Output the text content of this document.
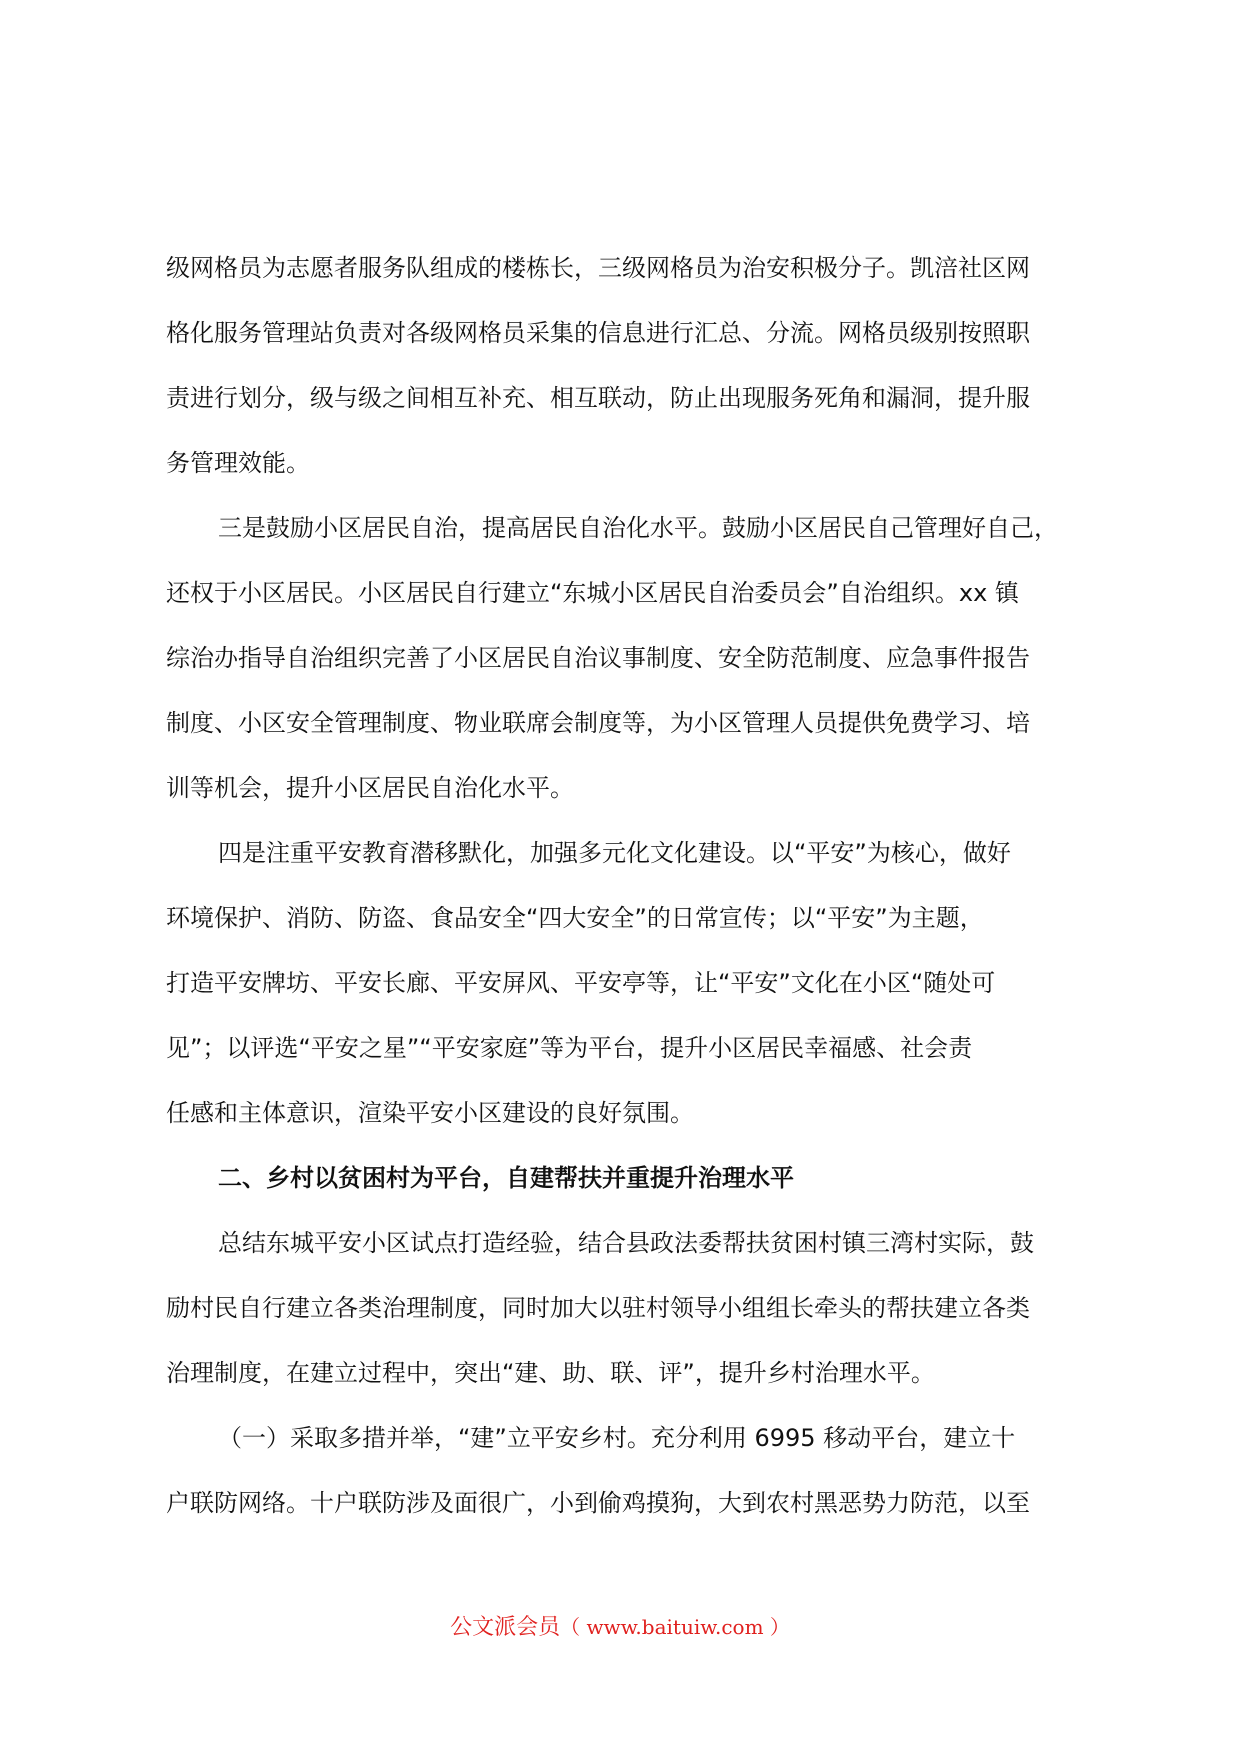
级网格员为志愿者服务队组成的楼栋长，三级网格员为治安积极分子。凯涪社区网
格化服务管理站负责对各级网格员采集的信息进行汇总、分流。网格员级别按照职
责进行划分，级与级之间相互补充、相互联动，防止出现服务死角和漏洞，提升服
务管理效能。
三是鼓励小区居民自治，提高居民自治化水平。鼓励小区居民自己管理好自己，
还权于小区居民。小区居民自行建立“东城小区居民自治委员会”自治组织。xx 镇
综治办指导自治组织完善了小区居民自治议事制度、安全防范制度、应急事件报告
制度、小区安全管理制度、物业联席会制度等，为小区管理人员提供免费学习、培
训等机会，提升小区居民自治化水平。
四是注重平安教育潜移默化，加强多元化文化建设。以“平安”为核心，做好
环境保护、消防、防盗、食品安全“四大安全”的日常宣传；以“平安”为主题，
打造平安牌坊、平安长廊、平安屏风、平安亭等，让“平安”文化在小区“随处可
见”；以评选“平安之星”“平安家庭”等为平台，提升小区居民幸福感、社会责
任感和主体意识，渲染平安小区建设的良好氛围。
二、乡村以贫困村为平台，自建帮扶并重提升治理水平
总结东城平安小区试点打造经验，结合县政法委帮扶贫困村镇三湾村实际，鼓
励村民自行建立各类治理制度，同时加大以驻村领导小组组长牵头的帮扶建立各类
治理制度，在建立过程中，突出“建、助、联、评”，提升乡村治理水平。
（一）采取多措并举，“建”立平安乡村。充分利用 6995 移动平台，建立十
户联防网络。十户联防涉及面很广，小到偷鸡摸狗，大到农村黑恶势力防范，以至
公文派会员（ www.baituiw.com ）
